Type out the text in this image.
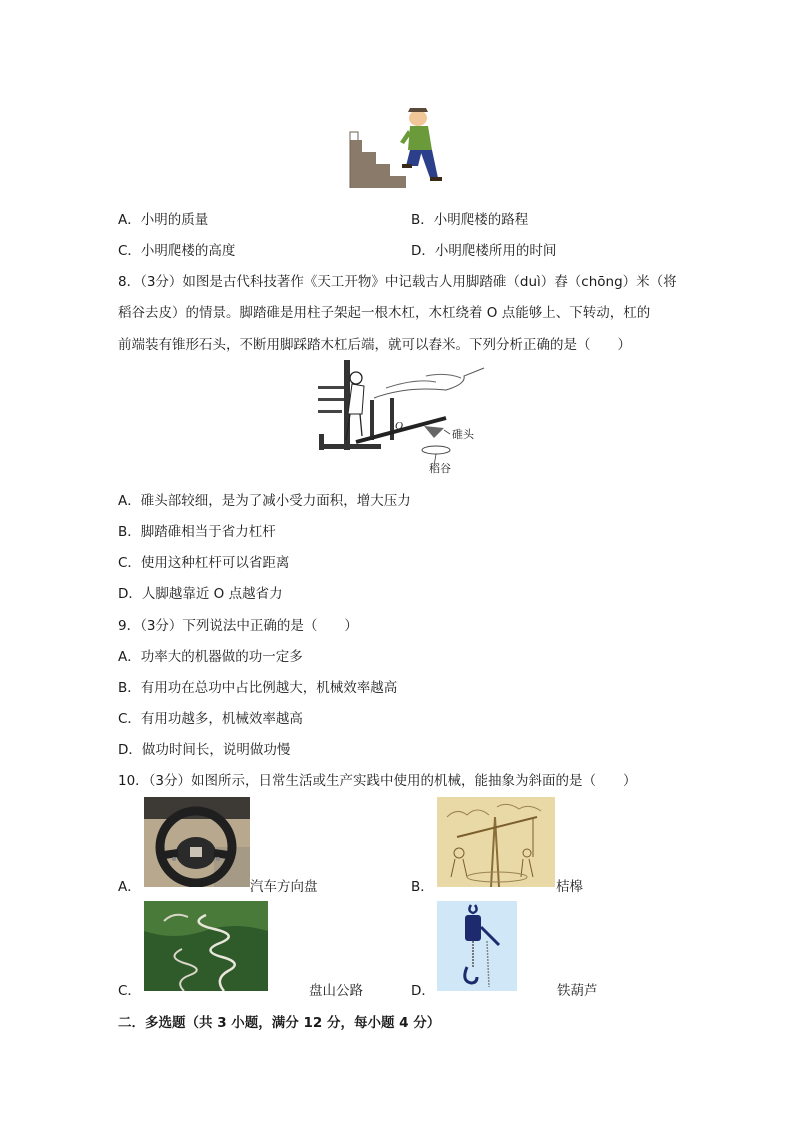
A．小明的质量	B．小明爬楼的路程
C．小明爬楼的高度	D．小明爬楼所用的时间
8．（3分）如图是古代科技著作《天工开物》中记载古人用脚踏碓（duì）舂（chōng）米（将
稻谷去皮）的情景。脚踏碓是用柱子架起一根木杠，木杠绕着 O 点能够上、下转动，杠的
前端装有锥形石头，不断用脚踩踏木杠后端，就可以舂米。下列分析正确的是（　　）
O
碓头
稻谷
A．碓头部较细，是为了减小受力面积，增大压力
B．脚踏碓相当于省力杠杆
C．使用这种杠杆可以省距离
D．人脚越靠近 O 点越省力
9．（3分）下列说法中正确的是（　　）
A．功率大的机器做的功一定多
B．有用功在总功中占比例越大，机械效率越高
C．有用功越多，机械效率越高
D．做功时间长，说明做功慢
10．（3分）如图所示，日常生活或生产实践中使用的机械，能抽象为斜面的是（　　）
A．	汽车方向盘	B．	桔槔
C．	盘山公路	D．	铁葫芦
二．多选题（共 3 小题，满分 12 分，每小题 4 分）
